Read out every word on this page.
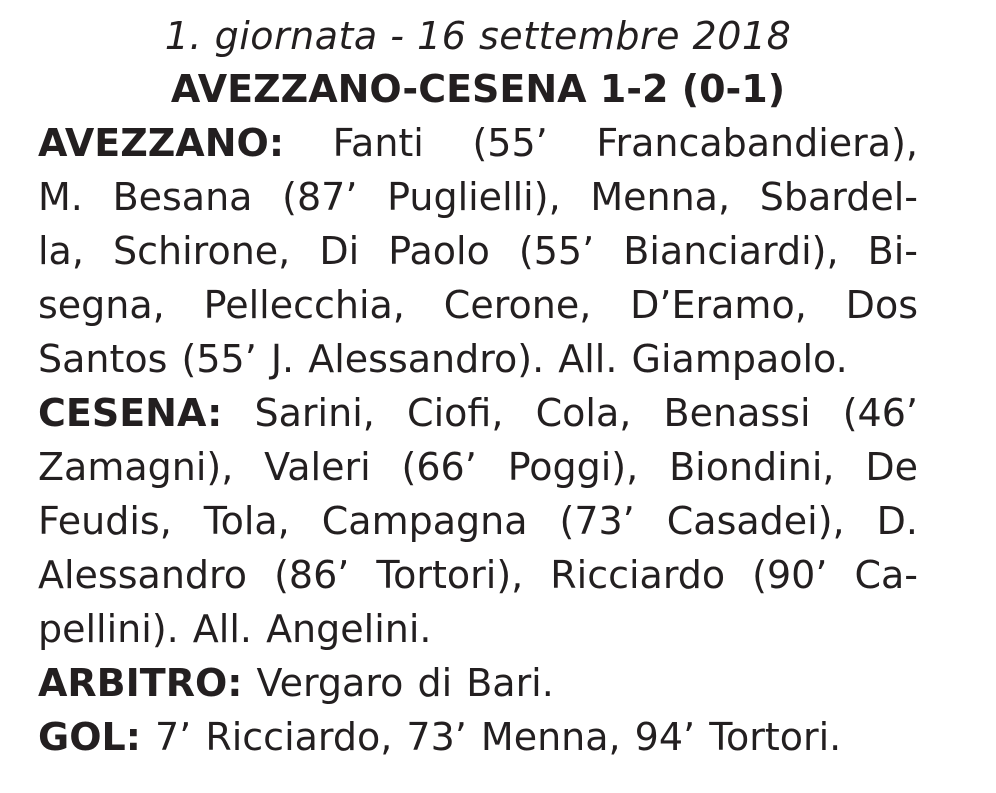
1. giornata - 16 settembre 2018

AVEZZANO-CESENA 1-2 (0-1)

AVEZZANO: Fanti (55’ Francabandiera),
M. Besana (87’ Puglielli), Menna, Sbardel-
la, Schirone, Di Paolo (55’ Bianciardi), Bi-
segna, Pellecchia, Cerone, D’Eramo, Dos
Santos (55’ J. Alessandro). All. Giampaolo.
CESENA: Sarini, Ciofi, Cola, Benassi (46’
Zamagni), Valeri (66’ Poggi), Biondini, De
Feudis, Tola, Campagna (73’ Casadei), D.
Alessandro (86’ Tortori), Ricciardo (90’ Ca-
pellini). All. Angelini.
ARBITRO: Vergaro di Bari.
GOL: 7’ Ricciardo, 73’ Menna, 94’ Tortori.
